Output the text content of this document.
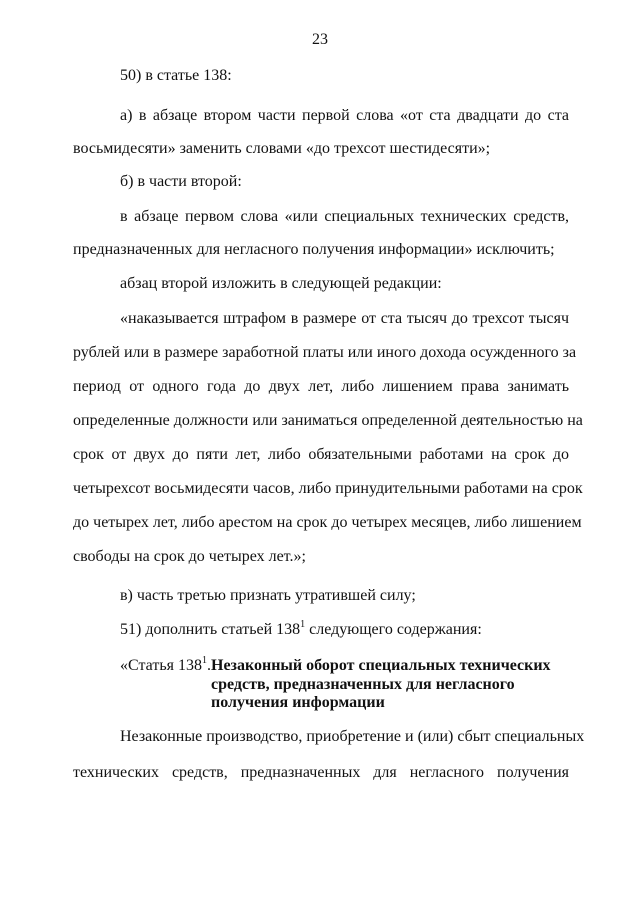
23
50) в статье 138:
а) в абзаце втором части первой слова «от ста двадцати до ста
восьмидесяти» заменить словами «до трехсот шестидесяти»;
б) в части второй:
в абзаце первом слова «или специальных технических средств,
предназначенных для негласного получения информации» исключить;
абзац второй изложить в следующей редакции:
«наказывается штрафом в размере от ста тысяч до трехсот тысяч
рублей или в размере заработной платы или иного дохода осужденного за
период от одного года до двух лет, либо лишением права занимать
определенные должности или заниматься определенной деятельностью на
срок от двух до пяти лет, либо обязательными работами на срок до
четырехсот восьмидесяти часов, либо принудительными работами на срок
до четырех лет, либо арестом на срок до четырех месяцев, либо лишением
свободы на срок до четырех лет.»;
в) часть третью признать утратившей силу;
51) дополнить статьей $138^1$ следующего содержания:
«Статья $138^1$. Незаконный оборот специальных технических
средств, предназначенных для негласного
получения информации
Незаконные производство, приобретение и (или) сбыт специальных
технических средств, предназначенных для негласного получения
